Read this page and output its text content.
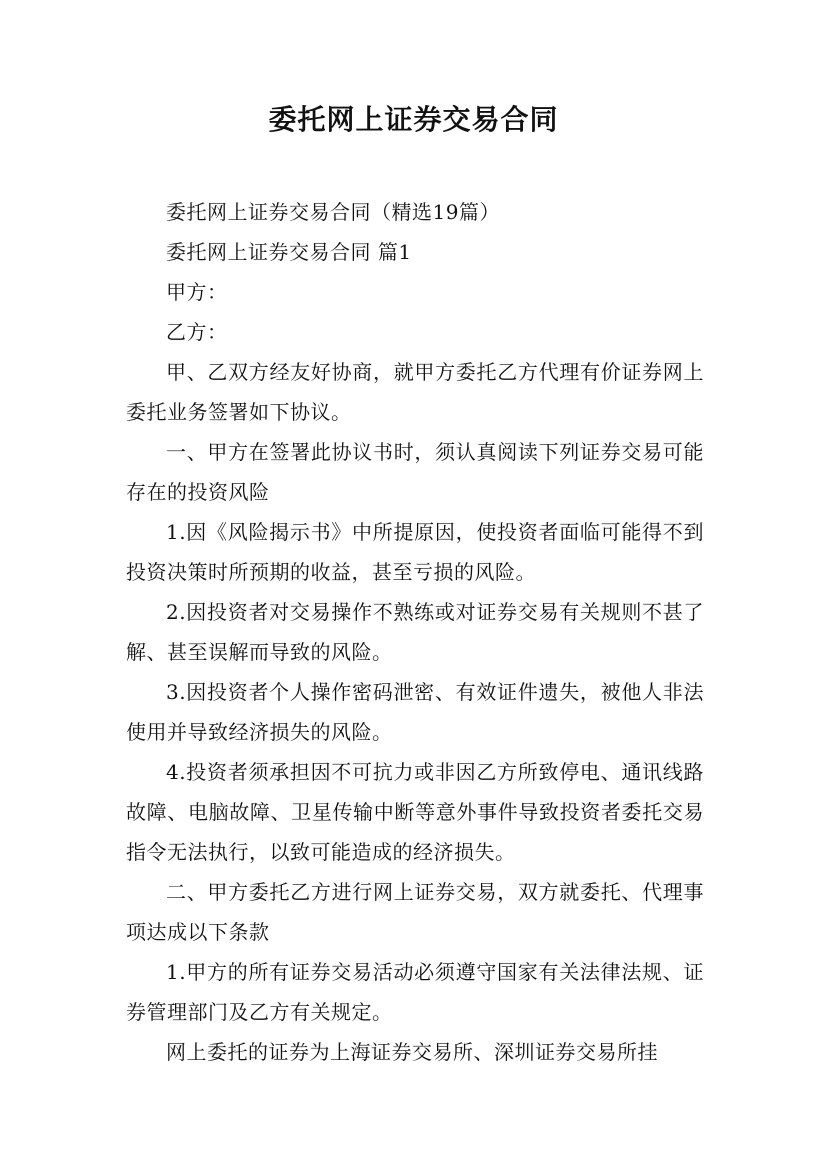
委托网上证券交易合同

委托网上证券交易合同（精选19篇）

委托网上证券交易合同 篇1

甲方：

乙方：

甲、乙双方经友好协商，就甲方委托乙方代理有价证券网上委托业务签署如下协议。

一、甲方在签署此协议书时，须认真阅读下列证券交易可能存在的投资风险

1.因《风险揭示书》中所提原因，使投资者面临可能得不到投资决策时所预期的收益，甚至亏损的风险。

2.因投资者对交易操作不熟练或对证券交易有关规则不甚了解、甚至误解而导致的风险。

3.因投资者个人操作密码泄密、有效证件遗失，被他人非法使用并导致经济损失的风险。

4.投资者须承担因不可抗力或非因乙方所致停电、通讯线路故障、电脑故障、卫星传输中断等意外事件导致投资者委托交易指令无法执行，以致可能造成的经济损失。

二、甲方委托乙方进行网上证券交易，双方就委托、代理事项达成以下条款

1.甲方的所有证券交易活动必须遵守国家有关法律法规、证券管理部门及乙方有关规定。

网上委托的证券为上海证券交易所、深圳证券交易所挂
